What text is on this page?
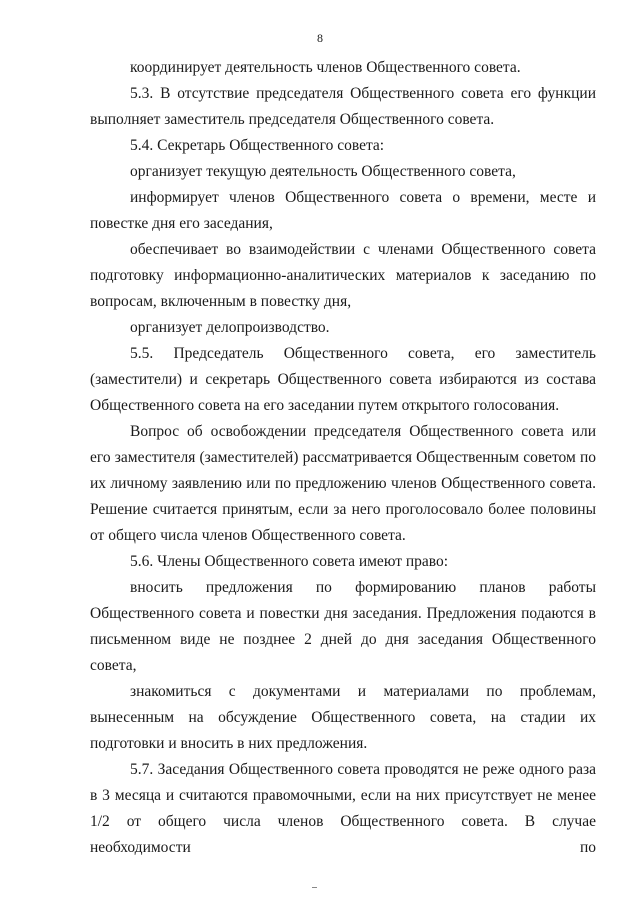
8

координирует деятельность членов Общественного совета.

5.3. В отсутствие председателя Общественного совета его функции выполняет заместитель председателя Общественного совета.

5.4. Секретарь Общественного совета:

организует текущую деятельность Общественного совета,

информирует членов Общественного совета о времени, месте и повестке дня его заседания,

обеспечивает во взаимодействии с членами Общественного совета подготовку информационно-аналитических материалов к заседанию по вопросам, включенным в повестку дня,

организует делопроизводство.

5.5. Председатель Общественного совета, его заместитель (заместители) и секретарь Общественного совета избираются из состава Общественного совета на его заседании путем открытого голосования.

Вопрос об освобождении председателя Общественного совета или его заместителя (заместителей) рассматривается Общественным советом по их личному заявлению или по предложению членов Общественного совета. Решение считается принятым, если за него проголосовало более половины от общего числа членов Общественного совета.

5.6. Члены Общественного совета имеют право:

вносить предложения по формированию планов работы Общественного совета и повестки дня заседания. Предложения подаются в письменном виде не позднее 2 дней до дня заседания Общественного совета,

знакомиться с документами и материалами по проблемам, вынесенным на обсуждение Общественного совета, на стадии их подготовки и вносить в них предложения.

5.7. Заседания Общественного совета проводятся не реже одного раза в 3 месяца и считаются правомочными, если на них присутствует не менее 1/2 от общего числа членов Общественного совета. В случае необходимости по
